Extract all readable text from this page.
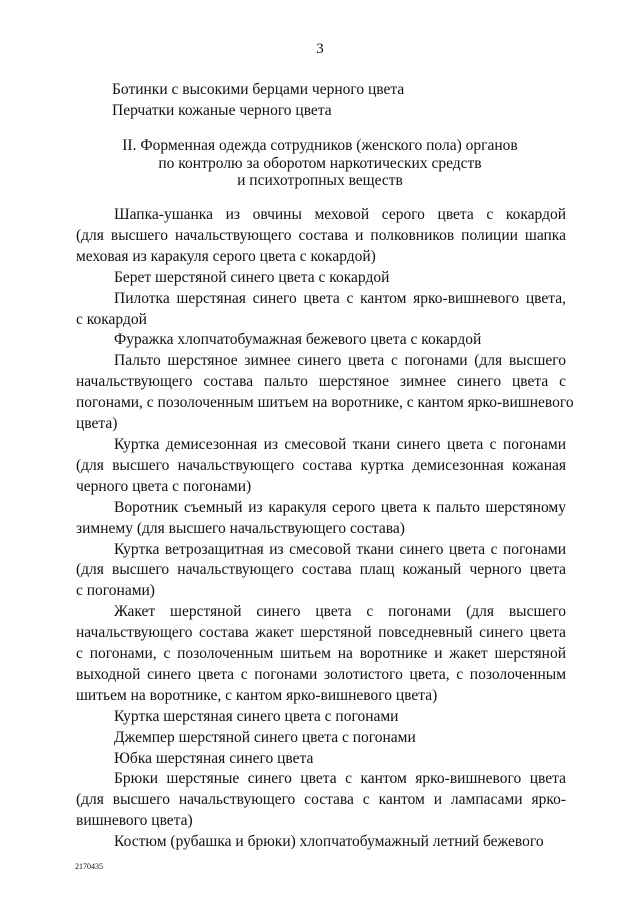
3
Ботинки с высокими берцами черного цвета
Перчатки кожаные черного цвета
II. Форменная одежда сотрудников (женского пола) органов
по контролю за оборотом наркотических средств
и психотропных веществ
Шапка-ушанка из овчины меховой серого цвета с кокардой
(для высшего начальствующего состава и полковников полиции шапка
меховая из каракуля серого цвета с кокардой)
Берет шерстяной синего цвета с кокардой
Пилотка шерстяная синего цвета с кантом ярко-вишневого цвета,
с кокардой
Фуражка хлопчатобумажная бежевого цвета с кокардой
Пальто шерстяное зимнее синего цвета с погонами (для высшего
начальствующего состава пальто шерстяное зимнее синего цвета с
погонами, с позолоченным шитьем на воротнике, с кантом ярко-вишневого
цвета)
Куртка демисезонная из смесовой ткани синего цвета с погонами
(для высшего начальствующего состава куртка демисезонная кожаная
черного цвета с погонами)
Воротник съемный из каракуля серого цвета к пальто шерстяному
зимнему (для высшего начальствующего состава)
Куртка ветрозащитная из смесовой ткани синего цвета с погонами
(для высшего начальствующего состава плащ кожаный черного цвета
с погонами)
Жакет шерстяной синего цвета с погонами (для высшего
начальствующего состава жакет шерстяной повседневный синего цвета
с погонами, с позолоченным шитьем на воротнике и жакет шерстяной
выходной синего цвета с погонами золотистого цвета, с позолоченным
шитьем на воротнике, с кантом ярко-вишневого цвета)
Куртка шерстяная синего цвета с погонами
Джемпер шерстяной синего цвета с погонами
Юбка шерстяная синего цвета
Брюки шерстяные синего цвета с кантом ярко-вишневого цвета
(для высшего начальствующего состава с кантом и лампасами ярко-
вишневого цвета)
Костюм (рубашка и брюки) хлопчатобумажный летний бежевого
2170435
